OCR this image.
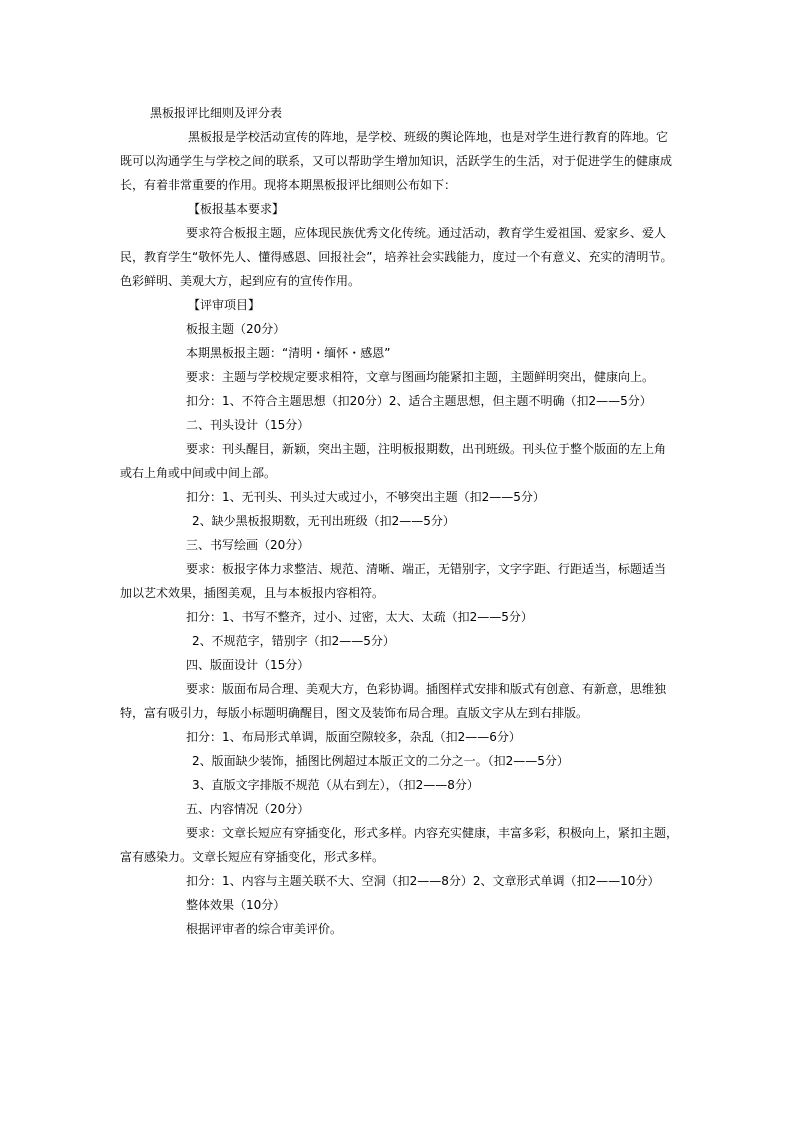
黑板报评比细则及评分表
黑板报是学校活动宣传的阵地，是学校、班级的舆论阵地，也是对学生进行教育的阵地。它
既可以沟通学生与学校之间的联系，又可以帮助学生增加知识，活跃学生的生活，对于促进学生的健康成
长，有着非常重要的作用。现将本期黑板报评比细则公布如下：
【板报基本要求】
要求符合板报主题，应体现民族优秀文化传统。通过活动，教育学生爱祖国、爱家乡、爱人
民，教育学生“敬怀先人、懂得感恩、回报社会”，培养社会实践能力，度过一个有意义、充实的清明节。
色彩鲜明、美观大方，起到应有的宣传作用。
【评审项目】
板报主题（20分）
本期黑板报主题：“清明・缅怀・感恩”
要求：主题与学校规定要求相符，文章与图画均能紧扣主题，主题鲜明突出，健康向上。
扣分：1、不符合主题思想（扣20分）2、适合主题思想，但主题不明确（扣2——5分）
二、刊头设计（15分）
要求：刊头醒目，新颖，突出主题，注明板报期数，出刊班级。刊头位于整个版面的左上角
或右上角或中间或中间上部。
扣分：1、无刊头、刊头过大或过小，不够突出主题（扣2——5分）
2、缺少黑板报期数，无刊出班级（扣2——5分）
三、书写绘画（20分）
要求：板报字体力求整洁、规范、清晰、端正，无错别字，文字字距、行距适当，标题适当
加以艺术效果，插图美观，且与本板报内容相符。
扣分：1、书写不整齐，过小、过密，太大、太疏（扣2——5分）
2、不规范字，错别字（扣2——5分）
四、版面设计（15分）
要求：版面布局合理、美观大方，色彩协调。插图样式安排和版式有创意、有新意，思维独
特，富有吸引力，每版小标题明确醒目，图文及装饰布局合理。直版文字从左到右排版。
扣分：1、布局形式单调，版面空隙较多，杂乱（扣2——6分）
2、版面缺少装饰，插图比例超过本版正文的二分之一。（扣2——5分）
3、直版文字排版不规范（从右到左），（扣2——8分）
五、内容情况（20分）
要求：文章长短应有穿插变化，形式多样。内容充实健康，丰富多彩，积极向上，紧扣主题，
富有感染力。文章长短应有穿插变化，形式多样。
扣分：1、内容与主题关联不大、空洞（扣2——8分）2、文章形式单调（扣2——10分）
整体效果（10分）
根据评审者的综合审美评价。
